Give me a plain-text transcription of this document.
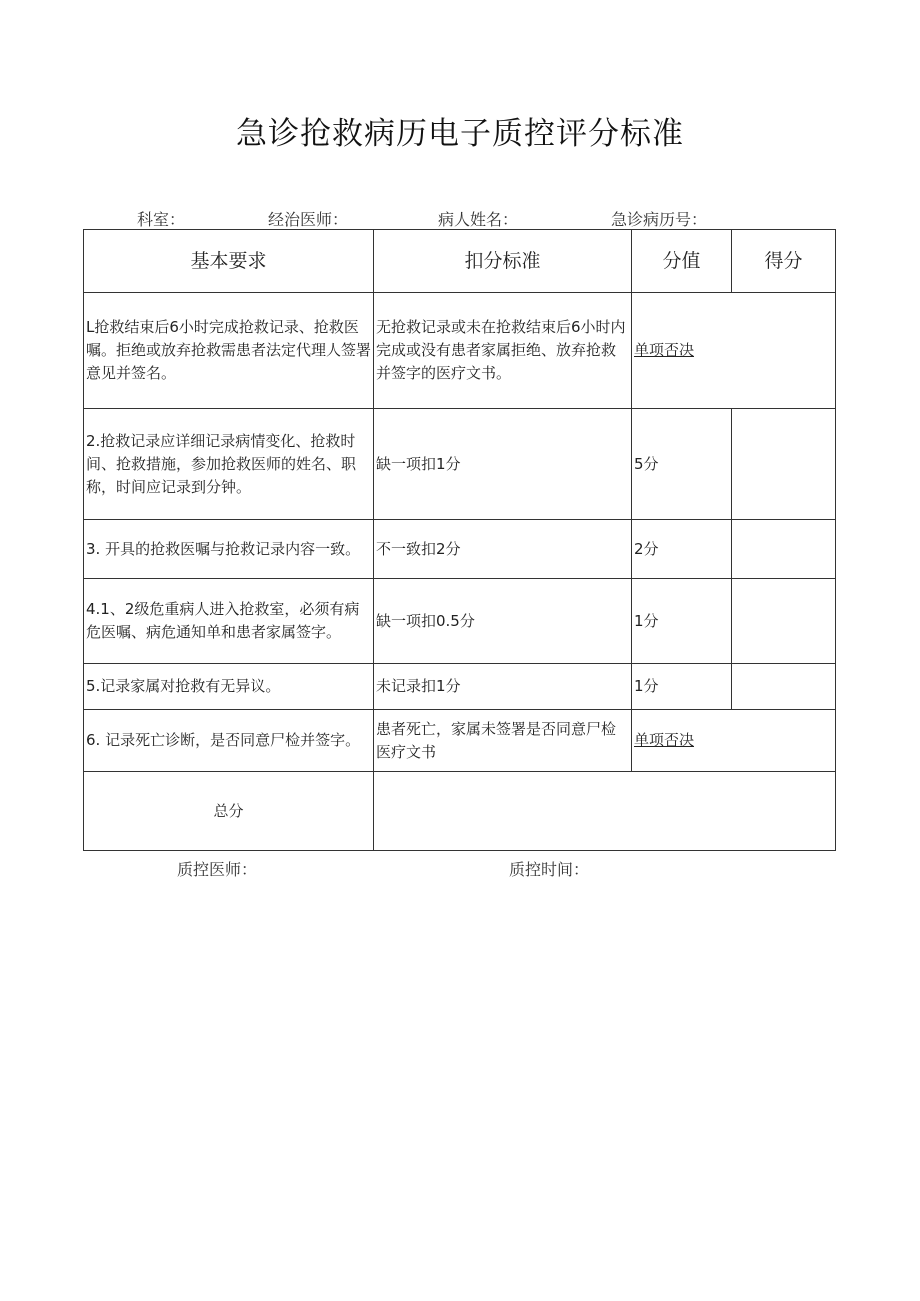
急诊抢救病历电子质控评分标准
科室：	经治医师：	病人姓名：	急诊病历号：
基本要求	扣分标准	分值	得分
L抢救结束后6小时完成抢救记录、抢救医嘱。拒绝或放弃抢救需患者法定代理人签署意见并签名。	无抢救记录或未在抢救结束后6小时内完成或没有患者家属拒绝、放弃抢救并签字的医疗文书。	单项否决	
2.抢救记录应详细记录病情变化、抢救时间、抢救措施，参加抢救医师的姓名、职称，时间应记录到分钟。	缺一项扣1分	5分	
3. 开具的抢救医嘱与抢救记录内容一致。	不一致扣2分	2分	
4.1、2级危重病人进入抢救室，必须有病危医嘱、病危通知单和患者家属签字。	缺一项扣0.5分	1分	
5.记录家属对抢救有无异议。	未记录扣1分	1分	
6. 记录死亡诊断，是否同意尸检并签字。	患者死亡，家属未签署是否同意尸检医疗文书	单项否决	
总分			
质控医师：	质控时间：
